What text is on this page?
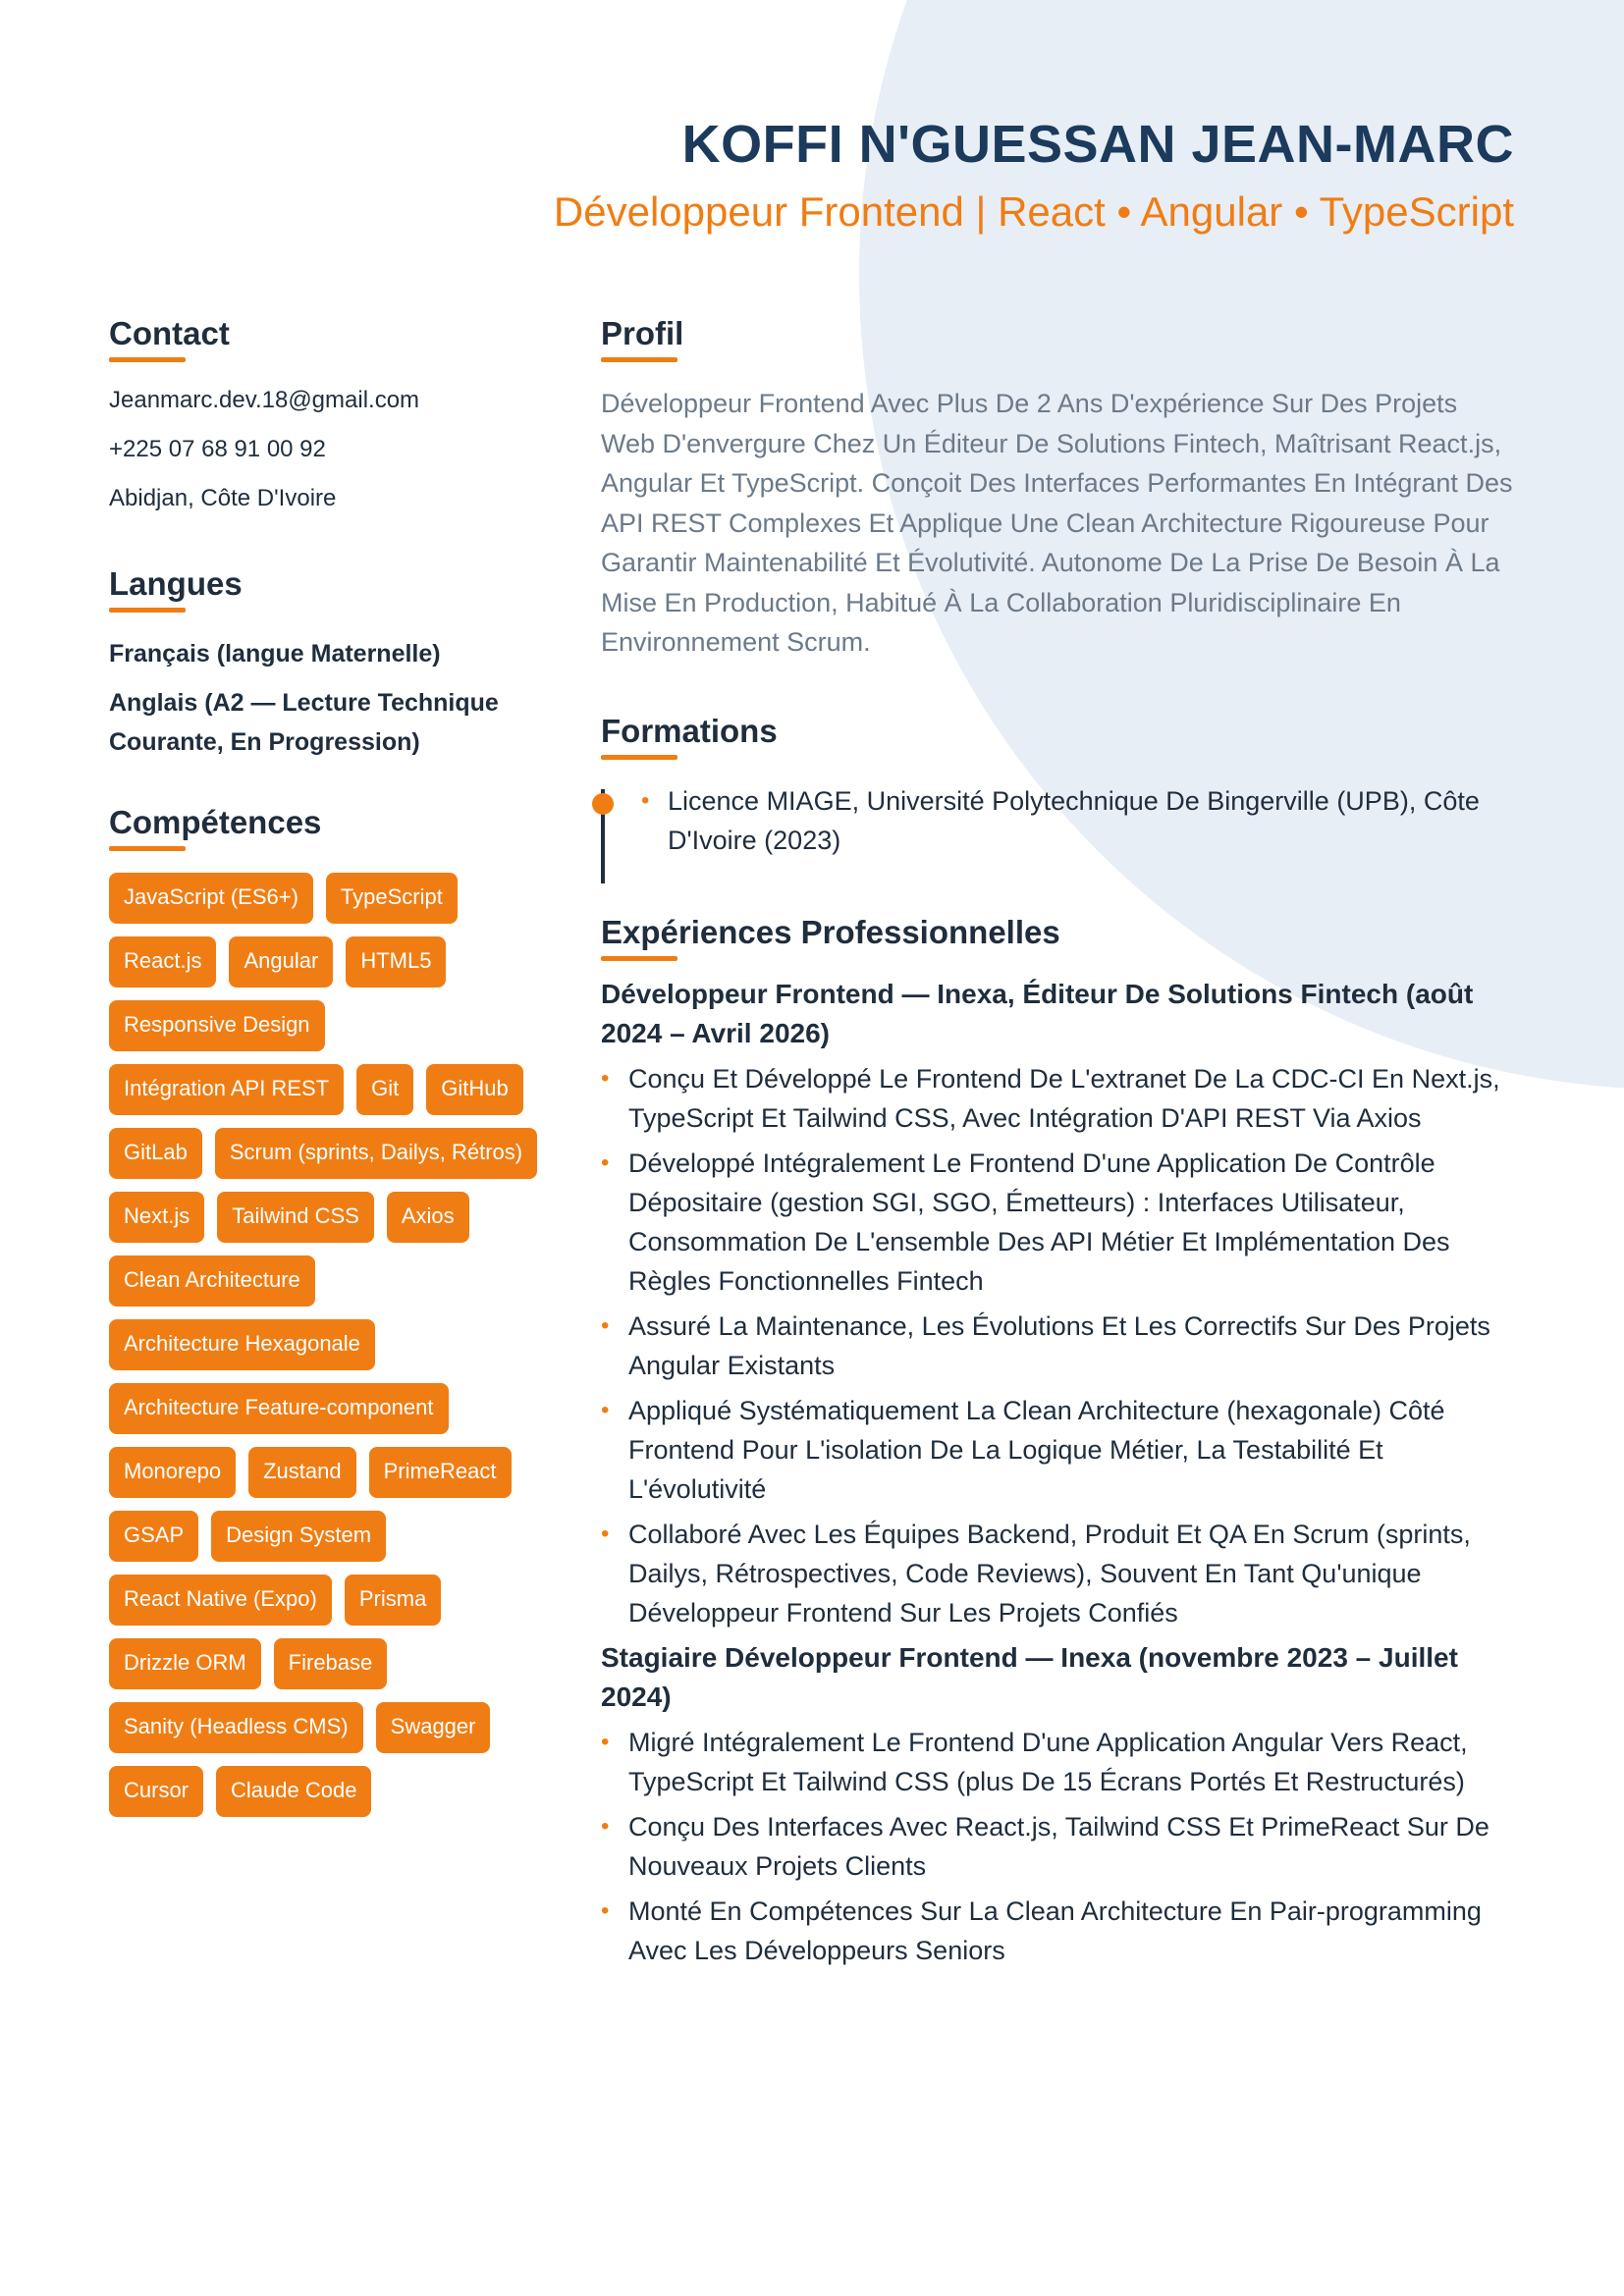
KOFFI N'GUESSAN JEAN-MARC
Développeur Frontend | React • Angular • TypeScript
Contact
Jeanmarc.dev.18@gmail.com
+225 07 68 91 00 92
Abidjan, Côte D'Ivoire
Langues
Français (langue Maternelle)
Anglais (A2 — Lecture Technique Courante, En Progression)
Compétences
JavaScript (ES6+)	TypeScript
React.js	Angular	HTML5
Responsive Design
Intégration API REST	Git	GitHub
GitLab	Scrum (sprints, Dailys, Rétros)
Next.js	Tailwind CSS	Axios
Clean Architecture
Architecture Hexagonale
Architecture Feature-component
Monorepo	Zustand	PrimeReact
GSAP	Design System
React Native (Expo)	Prisma
Drizzle ORM	Firebase
Sanity (Headless CMS)	Swagger
Cursor	Claude Code
Profil
Développeur Frontend Avec Plus De 2 Ans D'expérience Sur Des Projets Web D'envergure Chez Un Éditeur De Solutions Fintech, Maîtrisant React.js, Angular Et TypeScript. Conçoit Des Interfaces Performantes En Intégrant Des API REST Complexes Et Applique Une Clean Architecture Rigoureuse Pour Garantir Maintenabilité Et Évolutivité. Autonome De La Prise De Besoin À La Mise En Production, Habitué À La Collaboration Pluridisciplinaire En Environnement Scrum.
Formations
• Licence MIAGE, Université Polytechnique De Bingerville (UPB), Côte D'Ivoire (2023)
Expériences Professionnelles
Développeur Frontend — Inexa, Éditeur De Solutions Fintech (août 2024 – Avril 2026)
• Conçu Et Développé Le Frontend De L'extranet De La CDC-CI En Next.js, TypeScript Et Tailwind CSS, Avec Intégration D'API REST Via Axios
• Développé Intégralement Le Frontend D'une Application De Contrôle Dépositaire (gestion SGI, SGO, Émetteurs) : Interfaces Utilisateur, Consommation De L'ensemble Des API Métier Et Implémentation Des Règles Fonctionnelles Fintech
• Assuré La Maintenance, Les Évolutions Et Les Correctifs Sur Des Projets Angular Existants
• Appliqué Systématiquement La Clean Architecture (hexagonale) Côté Frontend Pour L'isolation De La Logique Métier, La Testabilité Et L'évolutivité
• Collaboré Avec Les Équipes Backend, Produit Et QA En Scrum (sprints, Dailys, Rétrospectives, Code Reviews), Souvent En Tant Qu'unique Développeur Frontend Sur Les Projets Confiés
Stagiaire Développeur Frontend — Inexa (novembre 2023 – Juillet 2024)
• Migré Intégralement Le Frontend D'une Application Angular Vers React, TypeScript Et Tailwind CSS (plus De 15 Écrans Portés Et Restructurés)
• Conçu Des Interfaces Avec React.js, Tailwind CSS Et PrimeReact Sur De Nouveaux Projets Clients
• Monté En Compétences Sur La Clean Architecture En Pair-programming Avec Les Développeurs Seniors
